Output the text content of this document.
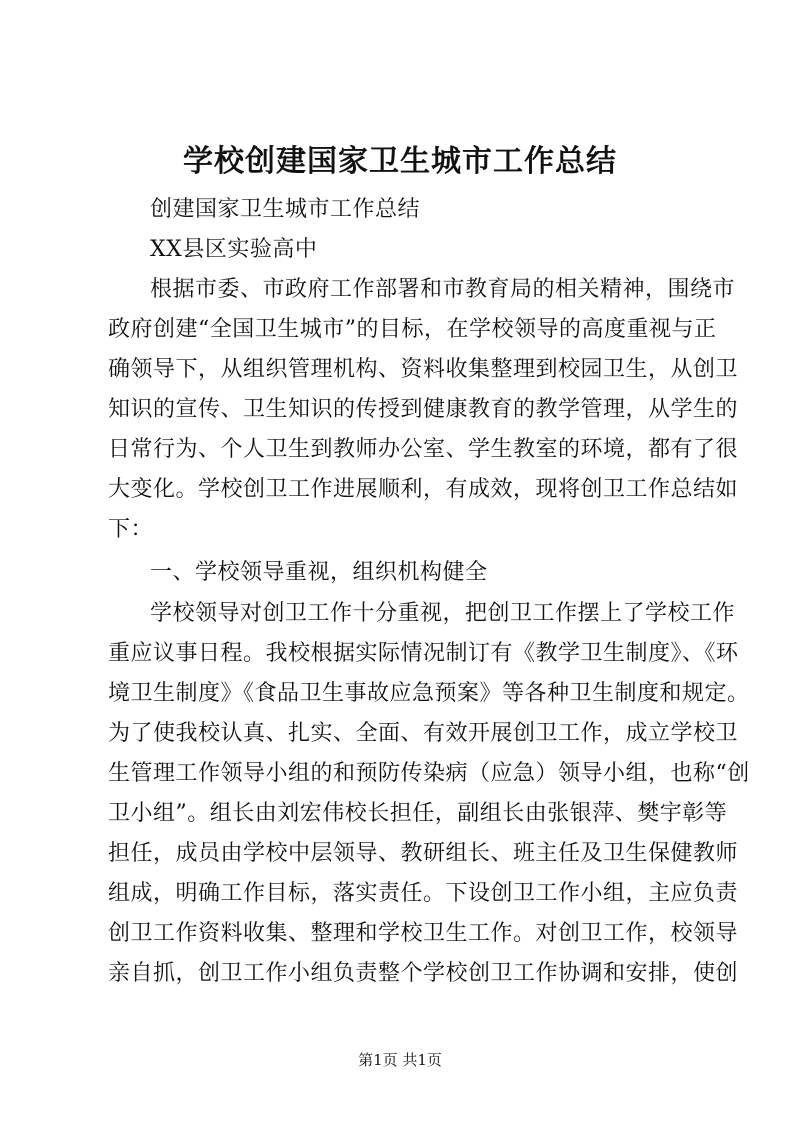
学校创建国家卫生城市工作总结
创建国家卫生城市工作总结
XX县区实验高中
根据市委、市政府工作部署和市教育局的相关精神，围绕市
政府创建“全国卫生城市”的目标，在学校领导的高度重视与正
确领导下，从组织管理机构、资料收集整理到校园卫生，从创卫
知识的宣传、卫生知识的传授到健康教育的教学管理，从学生的
日常行为、个人卫生到教师办公室、学生教室的环境，都有了很
大变化。学校创卫工作进展顺利，有成效，现将创卫工作总结如
下：
一、学校领导重视，组织机构健全
学校领导对创卫工作十分重视，把创卫工作摆上了学校工作
重应议事日程。我校根据实际情况制订有《教学卫生制度》、《环
境卫生制度》《食品卫生事故应急预案》等各种卫生制度和规定。
为了使我校认真、扎实、全面、有效开展创卫工作，成立学校卫
生管理工作领导小组的和预防传染病（应急）领导小组，也称“创
卫小组”。组长由刘宏伟校长担任，副组长由张银萍、樊宇彰等
担任，成员由学校中层领导、教研组长、班主任及卫生保健教师
组成，明确工作目标，落实责任。下设创卫工作小组，主应负责
创卫工作资料收集、整理和学校卫生工作。对创卫工作，校领导
亲自抓，创卫工作小组负责整个学校创卫工作协调和安排，使创
第1页 共1页
